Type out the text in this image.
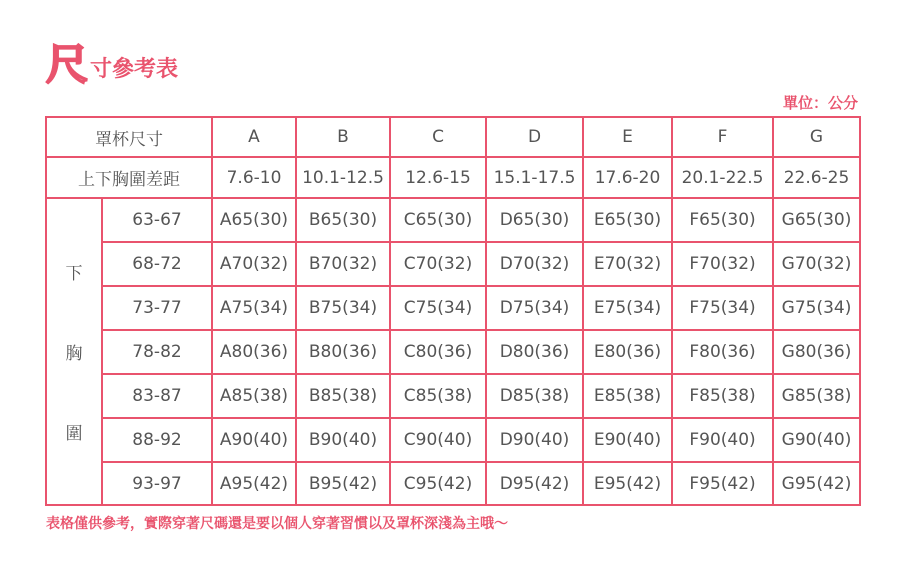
尺 寸參考表
單位：公分
罩杯尺寸		A	B	C	D	E	F	G
上下胸圍差距		7.6-10	10.1-12.5	12.6-15	15.1-17.5	17.6-20	20.1-22.5	22.6-25

下
胸
圍	63-67	A65(30)	B65(30)	C65(30)	D65(30)	E65(30)	F65(30)	G65(30)
	68-72	A70(32)	B70(32)	C70(32)	D70(32)	E70(32)	F70(32)	G70(32)
	73-77	A75(34)	B75(34)	C75(34)	D75(34)	E75(34)	F75(34)	G75(34)
	78-82	A80(36)	B80(36)	C80(36)	D80(36)	E80(36)	F80(36)	G80(36)
	83-87	A85(38)	B85(38)	C85(38)	D85(38)	E85(38)	F85(38)	G85(38)
	88-92	A90(40)	B90(40)	C90(40)	D90(40)	E90(40)	F90(40)	G90(40)
	93-97	A95(42)	B95(42)	C95(42)	D95(42)	E95(42)	F95(42)	G95(42)
表格僅供參考，實際穿著尺碼還是要以個人穿著習慣以及罩杯深淺為主哦～
